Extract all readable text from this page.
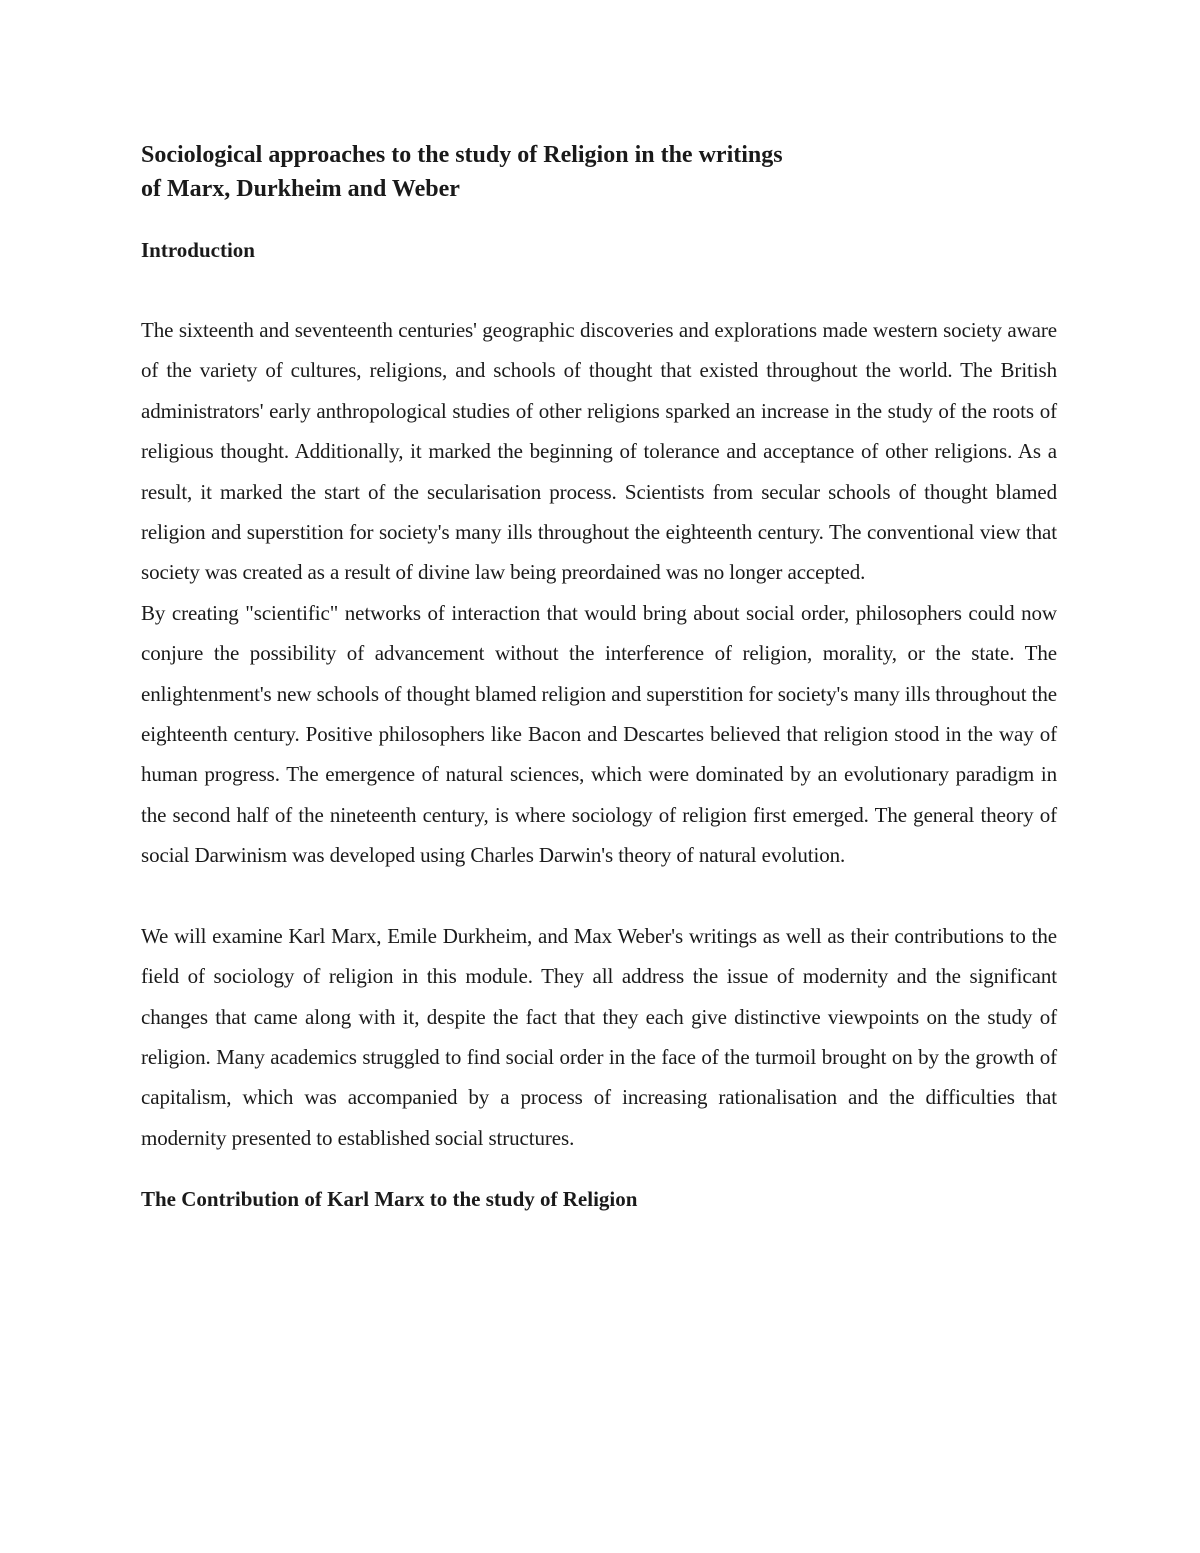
Sociological approaches to the study of Religion in the writings
of Marx, Durkheim and Weber
Introduction

The sixteenth and seventeenth centuries' geographic discoveries and explorations made western society aware of the variety of cultures, religions, and schools of thought that existed throughout the world. The British administrators' early anthropological studies of other religions sparked an increase in the study of the roots of religious thought. Additionally, it marked the beginning of tolerance and acceptance of other religions. As a result, it marked the start of the secularisation process. Scientists from secular schools of thought blamed religion and superstition for society's many ills throughout the eighteenth century. The conventional view that society was created as a result of divine law being preordained was no longer accepted.

By creating "scientific" networks of interaction that would bring about social order, philosophers could now conjure the possibility of advancement without the interference of religion, morality, or the state. The enlightenment's new schools of thought blamed religion and superstition for society's many ills throughout the eighteenth century. Positive philosophers like Bacon and Descartes believed that religion stood in the way of human progress. The emergence of natural sciences, which were dominated by an evolutionary paradigm in the second half of the nineteenth century, is where sociology of religion first emerged. The general theory of social Darwinism was developed using Charles Darwin's theory of natural evolution.

We will examine Karl Marx, Emile Durkheim, and Max Weber's writings as well as their contributions to the field of sociology of religion in this module. They all address the issue of modernity and the significant changes that came along with it, despite the fact that they each give distinctive viewpoints on the study of religion. Many academics struggled to find social order in the face of the turmoil brought on by the growth of capitalism, which was accompanied by a process of increasing rationalisation and the difficulties that modernity presented to established social structures.

The Contribution of Karl Marx to the study of Religion
